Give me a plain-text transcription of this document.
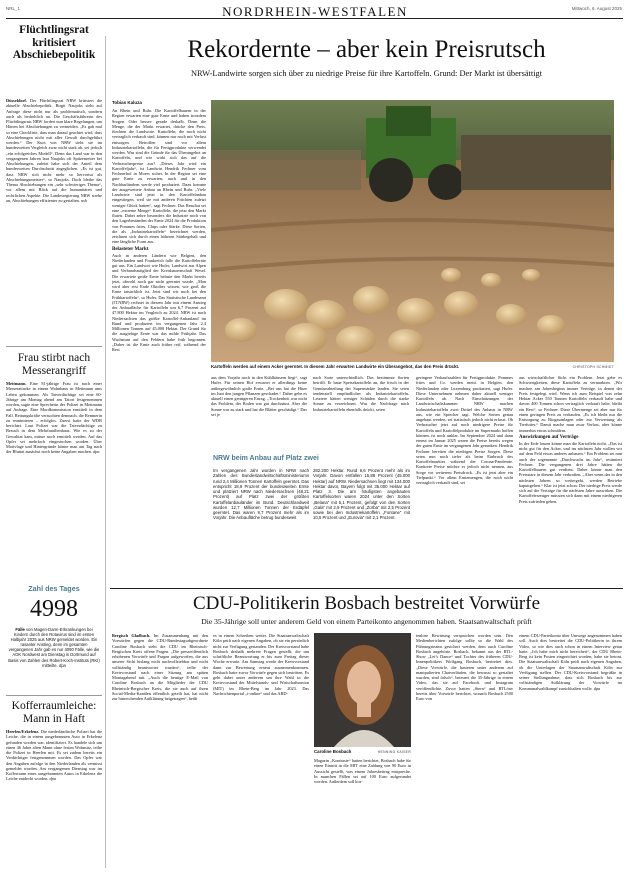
NRL_1	NORDRHEIN-WESTFALEN	Mittwoch, 6. August 2025
Flüchtlingsrat kritisiert Abschiebepolitik
Düsseldorf. Der Flüchtlingsrat NRW kritisiert die aktuelle Abschiebepolitik. Birgit Naujoks sieht auf Anfrage diese nicht nur als problematisch, sondern auch als bedrohlich an. Die Geschäftsführerin des Flüchtlingsrats NRW fordert nun klare Regelungen, um Härten bei Abschiebungen zu vermeiden. „Es gab mal so eine Checkliste, dass man darauf geachtet wird, dass Abschiebungen nicht mit aller Gewalt durchgeführt werden.“ Der Kurs von NRW sieht sie im bundesweiten Vergleich zwar nicht stark ab, sei jedoch „ein erfolgreiches Modell“. Denn das Land war in den vergangenen Jahren laut Naujoks oft Spitzenreiter bei Abschiebungen, zuletzt habe sich der Anteil dem bundesweiten Durchschnitt angeglichen. „Es ist gut, dass NRW sich nicht mehr so hervortut als Abschiebungsmeister“, so Naujoks. Doch bleibe das Thema Abschiebungen ein „sehr schwieriges Thema“, vor allem mit Blick auf die humanitären und rechtlichen Aspekte. Die Landesregierung NRW strebe an, Abschiebungen effizienter zu gestalten. ash
Frau stirbt nach Messerangriff
Mettmann. Eine 81-jährige Frau ist nach einer Messerattacke in einem Wohnhaus in Mettmann ums Leben gekommen. Als Tatverdächtige sei eine 60-Jährige am Montag abend am Tatort festgenommen worden, sagte eine Sprecherin der Polizei in Mettmann auf Anfrage. Eine Mordkommission ermittelt in dem Fall. Rettungskräfte versuchten demnach, die Rentnerin zu reanimieren – erfolglos. Zuerst hatte der WDR berichtet. Laut Polizei war die Tatverdächtige zu Besuch in dem Mehrfamilienhaus. Wie es zu der Gewalttat kam, müsse noch ermittelt werden. Auf das Opfer sei mehrfach eingestochen worden. Über Motivlage und Hintergründe könne man am Tag nach der Bluttat zunächst noch keine Angaben machen. dpa
Zahl des Tages
4998
Fälle von Magen-Darm-Erkrankungen bei Kindern durch den Rotavirus sind im ersten Halbjahr 2025 aus NRW gemeldet worden. Ein rasanter Anstieg, denn im gesamten vergangenen Jahr gab es nur 4090 Fälle, wie die AOK Nordwest am Dienstag in Dortmund auf Basis von Zahlen des Robert-Koch-Instituts (RKI) mitteilte. dpa
Kofferraumleiche: Mann in Haft
Heerlen/Erkelenz. Die niederländische Polizei hat die Leiche, die in einem ausgebrannten Auto in Erkelenz gefunden worden war, identifiziert. Es handele sich um einen 46 Jahre alten Mann ohne festen Wohnsitz, teilte die Polizei in Heerlen mit. Es sei zudem bereits ein Verdächtiger festgenommen worden. Das Opfer war den Angaben zufolge in den Niederlanden als vermisst gemeldet worden. Am vergangenen Dienstag war im Kofferraum eines ausgebrannten Autos in Erkelenz die Leiche entdeckt worden. dpa
Rekordernte – aber kein Preisrutsch
NRW-Landwirte sorgen sich über zu niedrige Preise für ihre Kartoffeln. Grund: Der Markt ist übersättigt
Tobias Kaluza
An Rhein und Ruhr. Die Kartoffelbauern in der Region erwarten eine gute Ernte und haben trotzdem Sorgen. Oder besser: gerade deshalb. Denn die Menge, die der Markt erwartet, drücke den Preis, fürchten die Landwirte. Kartoffeln, die noch nicht vertraglich verkauft sind, können nur noch mit Verlust entsorgen. Betroffen sind vor allem Industriekartoffeln, die für Fertigprodukte verwendet werden. Was sind die Gründe für das Überangebot an Kartoffeln, und wie wirkt sich das auf die Verbraucherpreise aus? „Dieses Jahr wird ein Kartoffeljahr“, ist Landwirt Hendrik Fechner vom Fechnerhof in Moers sicher. In der Region sei eine gute Ernte zu erwarten, auch und in den Nachbarländern werde viel produziert. Dazu komme der ausgeweitete Anbau an Rhein und Ruhr. „Viele Landwirte sind jetzt in den Kartoffelanbau eingestiegen, weil sie mit anderen Früchten zuletzt weniger Glück hatten“, sagt Fechner. Das Resultat sei eine „extreme Menge“ Kartoffeln, die jetzt den Markt fluten. Dabei zehre besonders die Industrie noch von den Lagerbeständen der Ernte 2024 für die Produktion von Pommes frites, Chips oder Stärke. Diese Sorten, die als „Industriekartoffeln“ bezeichnet werden, zeichnen sich durch einen höheren Stärkegehalt und eine längliche Form aus.
Belasteter Markt
Auch in anderen Ländern wie Belgien, den Niederlanden und Frankreich falle die Kartoffelernte gut aus. Ein Landwirt wie Hufer, Landwirt aus Alpen und Verbandsmitglied der Kreisbauernschaft Wesel. Die erwartete große Ernte belaste den Markt bereits jetzt, obwohl noch gar nicht geerntet wurde. „Man wird aber erst Ende Oktober wissen, wie groß die Ernte tatsächlich ist. Jetzt sind wir noch bei den Frühkartoffeln“, so Hufer. Das Statistische Landesamt (IT.NRW) rechnet in diesem Jahr mit einem Anstieg der Anbaufläche für Kartoffeln um 6,7 Prozent auf 47.800 Hektar im Vergleich zu 2024. NRW ist nach Niedersachsen das größte Kartoffel-Anbauland im Bund und produziert im vergangenen Jahr 2,4 Millionen Tonnen auf 45.000 Hektar. Der Grund für die ausgiebige Ernte war das milde Frühjahr. Das Wachstum auf den Feldern habe früh begonnen. „Daher ist die Ernte auch früher reif, während der Rest
Kartoffeln werden auf einem Acker geerntet. In diesem Jahr erwarten Landwirte ein Überangebot, das den Preis drückt.	CHRISTOPH SCHMIDT
aus dem Vorjahr noch in den Kühlhäusern liegt“, sagt Hufer. Für seinen Hof erwartet er allerdings keine außergewöhnlich große Ernte. „Bei uns hat die Hitze im Juni den jungen Pflanzen geschadet.“ Daher gebe es aktuell einen geringeren Ertrag. „Trockenheit war nicht das Problem, der Boden war gut durchnässt. Aber die Sonne war zu stark und hat die Blätter geschädigt.“ Das sei je
nach Sorte unterschiedlich. Das bestimmte Sorten betrifft. Er baue Speisekartoffeln an, die frisch in der Gemüseabteilung der Supermärkte landen. Sie seien tendenziell empfindlicher als Industriekartoffeln. Letztere hätten weniger Schäden durch die starke Sonne zu verzeichnen. Was die Nachfrage nach Industriekartoffeln ebenfalls drückt, seien
geringere Verkaufszahlen für Fertigprodukte. Pommes frites und Co. werden meist in Belgien, den Niederlanden oder Luxemburg produziert, sagt Hufer. Diese Unternehmen nehmen daher aktuell weniger Kartoffeln ab. Nach Einschätzungen der Landwirtschaftskammer NRW machen Industriekartoffeln zwei Drittel des Anbaus in NRW aus, wie ein Sprecher sagt. Welche Sorten genau angebaut werden, sei statistisch jedoch nicht erfasst. Ob Verbraucher jetzt auf noch niedrigere Preise für Kartoffeln und Kartoffelprodukte im Supermarkt hoffen können, ist noch unklar. Im September 2024 und dann erneut im Januar 2025 waren die Preise bereits wegen der guten Ernte im vergangenen Jahr gesunken. Hendrik Fechner bereiten die niedrigen Preise Sorgen. Diese seien nun noch tiefer als beim Einbruch des Kartoffelmarktes während der Corona-Pandemie. Konkrete Preise möchte er jedoch nicht nennen, aus Sorge vor weiterem Preisdruck. „Es ist jetzt aber ein Tiefpunkt.“ Vor allem Erntemengen, die noch nicht vertraglich verkauft sind, sei
aus wirtschaftlicher Sicht ein Problem. Jetzt gebe es Schwierigkeiten, diese Kartoffeln zu vermarkten. „Wir machen am Jahresbeginn immer Verträge, in denen der Preis festgelegt wird. Wenn ich zum Beispiel von zehn Hektar Acker 550 Tonnen Kartoffeln verkauft habe und davon 400 Tonnen schon vertraglich verkauft habe, bleibt ein Rest“, so Fechner. Diese Übermenge sei aber nur für einen geringen Preis zu verkaufen. „Es ich bleibt nur die Entsorgung zu Biogasanlagen oder zur Verwertung als Tierfutter.“ Damit mache man zwar Verlust, aber könne immerhin etwas schmälern.
Auswirkungen auf Verträge
In der Erde lassen könne man die Kartoffeln nicht. „Das ist nicht gut für den Acker, und im nächsten Jahr wollen wir auf dem Feld etwas anderes anbauen.“ Ein Problem sei nun auch der sogenannte „Durchwuchs im Jahr“, resümiert Fechner. Die vergangenen drei Jahre hätten die Kartoffelbauern gut verdient. Daher könne man den Preisstarz in diesem Jahr verkraften. „Aber wenn das in den nächsten Jahren so weitergeht, werden Betriebe kaputtgehen.“ Klar ist jetzt schon: Der niedrige Preis werde sich auf die Verträge für die nächsten Jahre auswirken. Die Kartoffelerzeuger müssten sich dann mit einem niedrigeren Preis zufrieden geben.
NRW beim Anbau auf Platz zwei
Im vergangenen Jahr wurden in NRW nach Zahlen des Bundeslandwirtschaftsministeriums rund 2,4 Millionen Tonnen Kartoffeln geerntet. Das entspricht 18,9 Prozent der bundesweiten Ernte und platziert NRW nach Niedersachsen (48,21 Prozent) auf Platz zwei der größten Kartoffelanbauländer im Bund. Deutschlandweit wurden 12,7 Millionen Tonnen der Erdäpfel geerntet. Das waren 9,7 Prozent mehr als im Vorjahr. Die Anbaufläche betrug bundesweit
282.200 Hektar. Rund 6,6 Prozent mehr als im Vorjahr. Davon entfallen 15,88 Prozent (45.000 Hektar) auf NRW. Niedersachsen liegt mit 134.000 Hektar davor, Bayern folgt mit 36.000 Hektar auf Platz 3. Die am häufigsten angebauten Kartoffelsorten waren 2024 unter den Sorten „Belana“ mit 5,1 Prozent, gefolgt von den Sorten „Gala“ mit 2,9 Prozent und „Zorba“ mit 2,5 Prozent sowie bei den Industriekartoffeln „Fontane“ mit 10,5 Prozent und „Eurovia“ mit 2,1 Prozent.
CDU-Politikerin Bosbach bestreitet Vorwürfe
Die 35-Jährige soll unter anderem Geld von einem Parteikonto angenommen haben. Staatsanwaltschaft prüft
Bergisch Gladbach. Im Zusammenhang mit den Vorwürfen gegen die CDU-Bundestagsabgeordnete Caroline Bosbach sieht die CDU im Rheinisch-Bergischen Kreis offene Fragen. „Die presseöffentlich erhobenen Vorwürfe und Fragen aufgeworfen, die aus unserer Sicht bislang nicht nachvollziehbar und nicht vollständig beantwortet wurden“, teilte der Kreisvorstand nach einer Sitzung am späten Montagabend mit. „Auch die heutige E-Mail von Caroline Bosbach an die Mitglieder der CDU Rheinisch-Bergischer Kreis, die sie auch auf ihren Social-Media-Kanälen öffentlich geteilt hat, hat nicht zur hinreichenden Aufklärung beigetragen“, heißt
es in einem Schreiben weiter. Die Staatsanwaltschaft Köln prüft nach eigenen Angaben, ob sie ein persönlich nicht zur Verfügung gestanden. Der Kreisvorstand habe Bosbach deshalb mehrere Fragen gestellt, die um schriftliche Beantwortung er bis zum Freitag dieser Woche erwarte. Am Samstag werde der Kreisvorstand dann zur Bewertung erneut zusammenkommen. Bosbach hatte zuvor Vorwürfe gegen sich bestritten. Es geht dabei unter anderem um ihre Wahl in die Kreisvorstand der Mittelstands- und Wirtschaftsunion (MIT) im Rhein-Berg im Jahr 2023. Das Nachrichtenportal „t-online“ und das ARD-
Caroline Bosbach	HENNING KAISER
Magazin „Kontraste“ hatten berichtet, Bosbach habe für einen Eintritt in die MIT eine Zahlung von 90 Euro in Aussicht gestellt, was einem Jahresbeitrag entspreche. In manchen Fällen sei auf 100 Euro aufgerundet worden. Außerdem soll kos-
tenlose Bewirtung versprochen worden sein. Den Medienberichten zufolge sollte so die Wahl des Führungsteams gesichert werden, dem auch Caroline Bosbach angehörte. Bosbach, bekannt aus der RTL-Show „Let’s Dance“ und Tochter des früheren CDU-Innenpolitikers Wolfgang Bosbach, bestreitet dies. „Diese Vorwürfe, die basieren unter anderem auf manipulierten Chatverläufen, die bewusst so gestaltet wurden, sind falsch“, beteuert die 35-Jährige in einem Video, das sie auf Facebook und Instagram veröffentlichte. Zuvor hatten „Stern“ und RTL/ntv bereits über Vorwürfe berichtet, wonach Bosbach 2500 Euro von
einem CDU-Parteikonto über Umwege angenommen haben soll. Auch dies bestreitet die CDU-Politikerin in ihrem Video, so wie dies auch schon in einem Interview getan hatte. „Ich habe mich nicht bereichert“, der CDU Rhein-Berg ist kein Posten eingerichtet worden, habe sie betont. Die Staatsanwaltschaft Köln prüft nach eigenen Angaben, ob die Unterlagen der Staatsanwaltschaft Köln zur Verfügung stellen. Der CDU-Kreisvorstand begrüßte in seiner Stellungnahme, dass sich Bosbach bis zur vollständigen Aufklärung der Vorwürfe im Kommunalwahlkampf zurückhalten wolle. dpa
